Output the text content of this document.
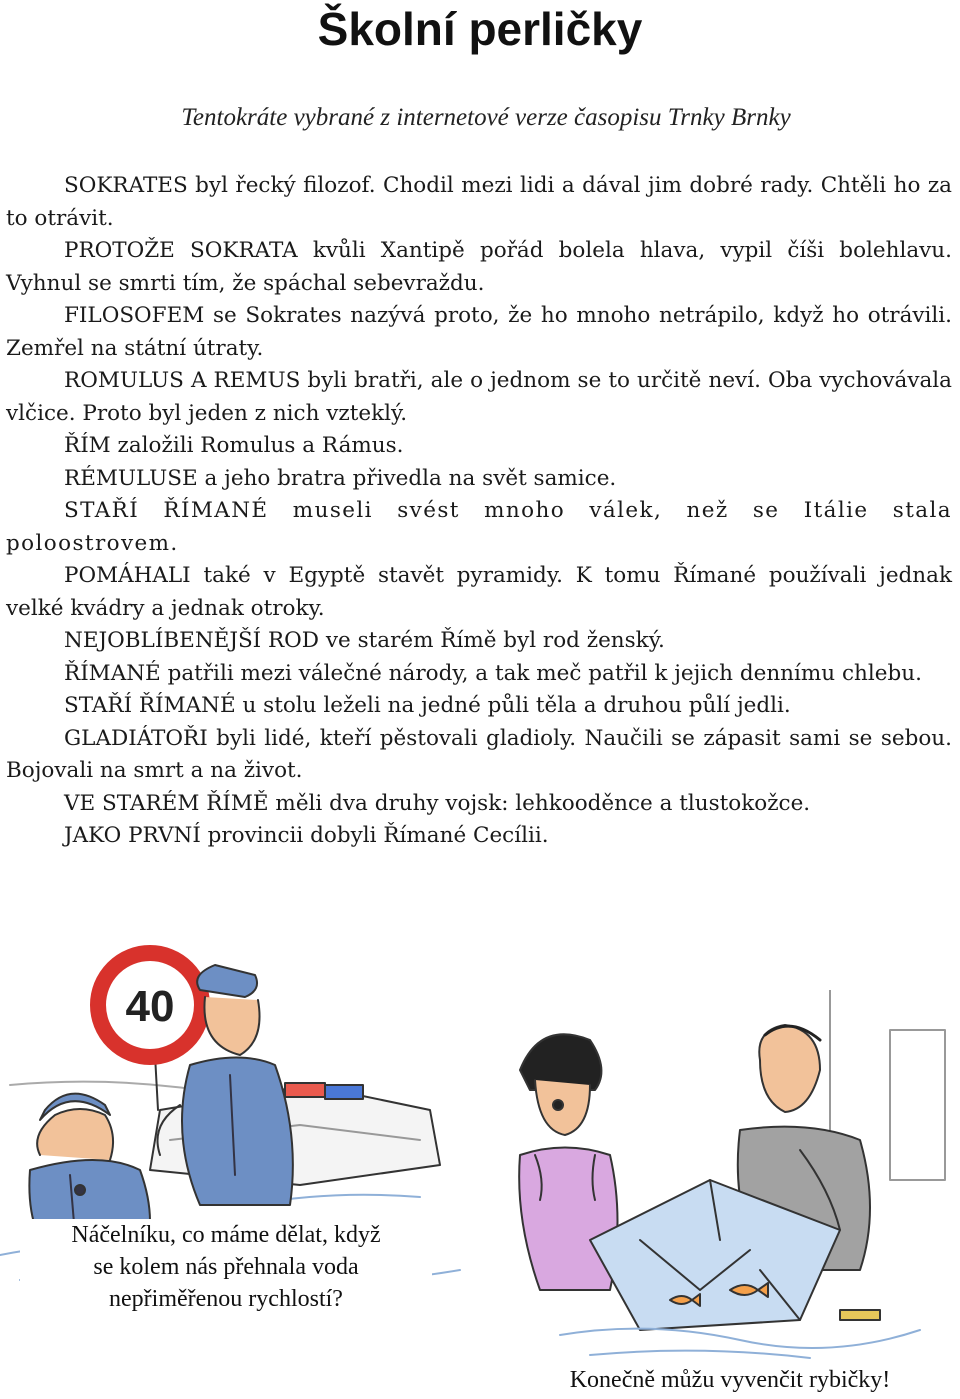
Školní perličky
Tentokráte vybrané z internetové verze časopisu Trnky Brnky

SOKRATES byl řecký filozof. Chodil mezi lidi a dával jim dobré rady. Chtěli ho za to otrávit.

PROTOŽE SOKRATA kvůli Xantipě pořád bolela hlava, vypil číši bolehlavu. Vyhnul se smrti tím, že spáchal sebevraždu.

FILOSOFEM se Sokrates nazývá proto, že ho mnoho netrápilo, když ho otrávili. Zemřel na státní útraty.

ROMULUS A REMUS byli bratři, ale o jednom se to určitě neví. Oba vychovávala vlčice. Proto byl jeden z nich vzteklý.

ŘÍM založili Romulus a Rámus.

RÉMULUSE a jeho bratra přivedla na svět samice.

STAŘÍ ŘÍMANÉ museli svést mnoho válek, než se Itálie stala poloostrovem.

POMÁHALI také v Egyptě stavět pyramidy. K tomu Římané používali jednak velké kvádry a jednak otroky.

NEJOBLÍBENĚJŠÍ ROD ve starém Římě byl rod ženský.

ŘÍMANÉ patřili mezi válečné národy, a tak meč patřil k jejich dennímu chlebu.

STAŘÍ ŘÍMANÉ u stolu leželi na jedné půli těla a druhou půlí jedli.

GLADIÁTOŘI byli lidé, kteří pěstovali gladioly. Naučili se zápasit sami se sebou. Bojovali na smrt a na život.

VE STARÉM ŘÍMĚ měli dva druhy vojsk: lehkooděnce a tlustokožce.

JAKO PRVNÍ provincii dobyli Římané Cecílii.

40
Náčelníku, co máme dělat, když
se kolem nás přehnala voda
nepřiměřenou rychlostí?
Konečně můžu vyvenčit rybičky!
